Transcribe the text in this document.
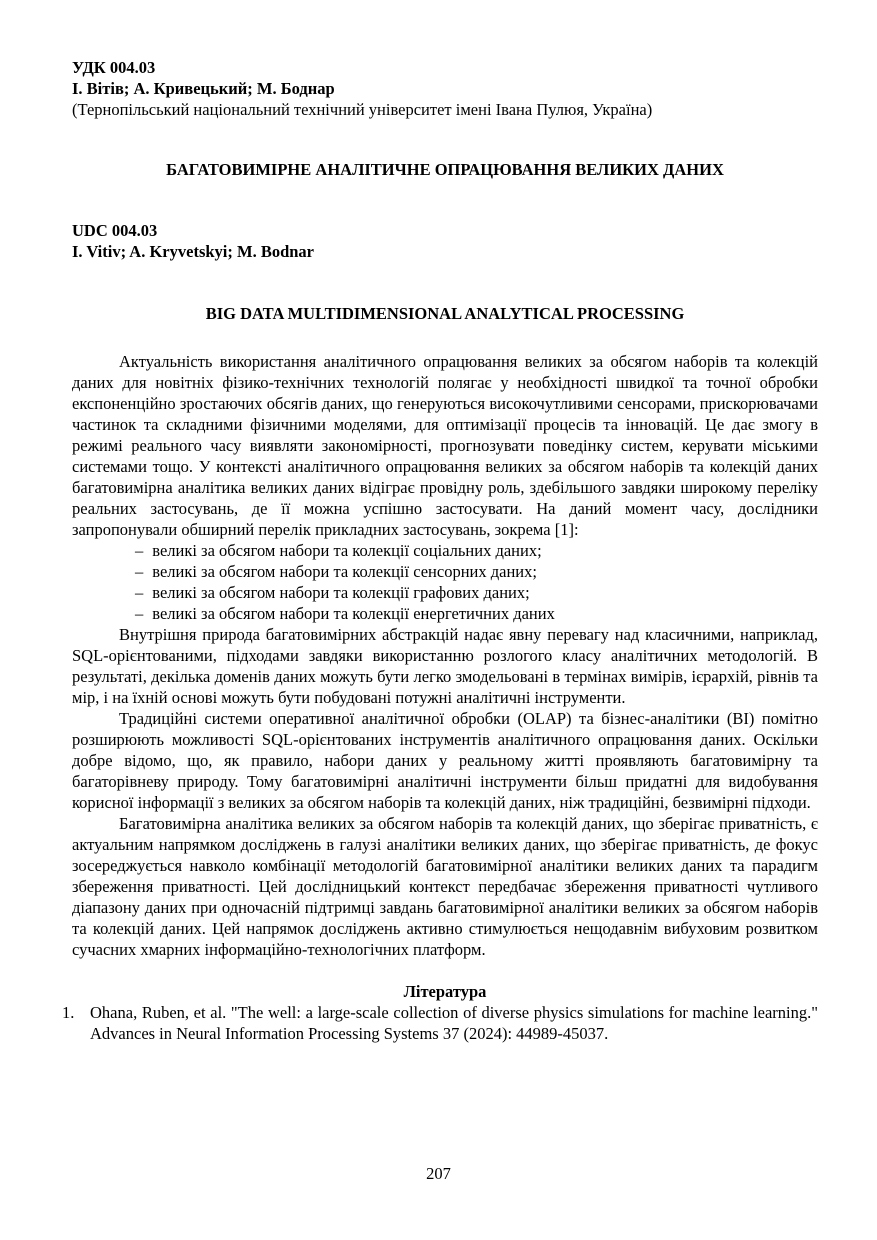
УДК 004.03

І. Вітів; А. Кривецький; М. Боднар

(Тернопільський національний технічний університет імені Івана Пулюя, Україна)

БАГАТОВИМІРНЕ АНАЛІТИЧНЕ ОПРАЦЮВАННЯ ВЕЛИКИХ ДАНИХ

UDC 004.03

I. Vitiv; A. Kryvetskyi; M. Bodnar

BIG DATA MULTIDIMENSIONAL ANALYTICAL PROCESSING

Актуальність використання аналітичного опрацювання великих за обсягом наборів та колекцій даних для новітніх фізико-технічних технологій полягає у необхідності швидкої та точної обробки експоненційно зростаючих обсягів даних, що генеруються високочутливими сенсорами, прискорювачами частинок та складними фізичними моделями, для оптимізації процесів та інновацій. Це дає змогу в режимі реального часу виявляти закономірності, прогнозувати поведінку систем, керувати міськими системами тощо. У контексті аналітичного опрацювання великих за обсягом наборів та колекцій даних багатовимірна аналітика великих даних відіграє провідну роль, здебільшого завдяки широкому переліку реальних застосувань, де її можна успішно застосувати. На даний момент часу, дослідники запропонували обширний перелік прикладних застосувань, зокрема [1]:

– великі за обсягом набори та колекції соціальних даних;
– великі за обсягом набори та колекції сенсорних даних;
– великі за обсягом набори та колекції графових даних;
– великі за обсягом набори та колекції енергетичних даних

Внутрішня природа багатовимірних абстракцій надає явну перевагу над класичними, наприклад, SQL-орієнтованими, підходами завдяки використанню розлогого класу аналітичних методологій. В результаті, декілька доменів даних можуть бути легко змодельовані в термінах вимірів, ієрархій, рівнів та мір, і на їхній основі можуть бути побудовані потужні аналітичні інструменти.

Традиційні системи оперативної аналітичної обробки (OLAP) та бізнес-аналітики (BI) помітно розширюють можливості SQL-орієнтованих інструментів аналітичного опрацювання даних. Оскільки добре відомо, що, як правило, набори даних у реальному житті проявляють багатовимірну та багаторівневу природу. Тому багатовимірні аналітичні інструменти більш придатні для видобування корисної інформації з великих за обсягом наборів та колекцій даних, ніж традиційні, безвимірні підходи.

Багатовимірна аналітика великих за обсягом наборів та колекцій даних, що зберігає приватність, є актуальним напрямком досліджень в галузі аналітики великих даних, що зберігає приватність, де фокус зосереджується навколо комбінації методологій багатовимірної аналітики великих даних та парадигм збереження приватності. Цей дослідницький контекст передбачає збереження приватності чутливого діапазону даних при одночасній підтримці завдань багатовимірної аналітики великих за обсягом наборів та колекцій даних. Цей напрямок досліджень активно стимулюється нещодавнім вибуховим розвитком сучасних хмарних інформаційно-технологічних платформ.

Література

1. Ohana, Ruben, et al. "The well: a large-scale collection of diverse physics simulations for machine learning." Advances in Neural Information Processing Systems 37 (2024): 44989-45037.
207
